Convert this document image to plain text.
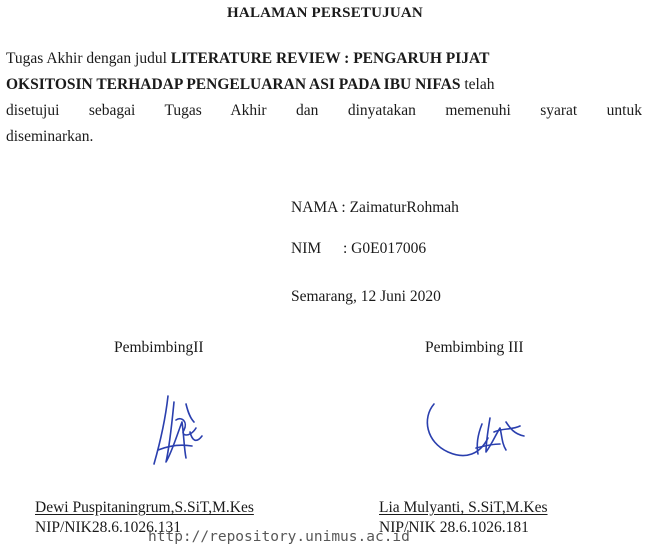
HALAMAN PERSETUJUAN
Tugas Akhir dengan judul LITERATURE REVIEW : PENGARUH PIJAT
OKSITOSIN TERHADAP PENGELUARAN ASI PADA IBU NIFAS telah
disetujui sebagai Tugas Akhir dan dinyatakan memenuhi syarat untuk
diseminarkan.
NAMA : ZaimaturRohmah
NIM : G0E017006
Semarang, 12 Juni 2020
PembimbingII	Pembimbing III
Dewi Puspitaningrum,S.SiT,M.Kes
NIP/NIK28.6.1026.131
Lia Mulyanti, S.SiT,M.Kes
NIP/NIK 28.6.1026.181
http://repository.unimus.ac.id
